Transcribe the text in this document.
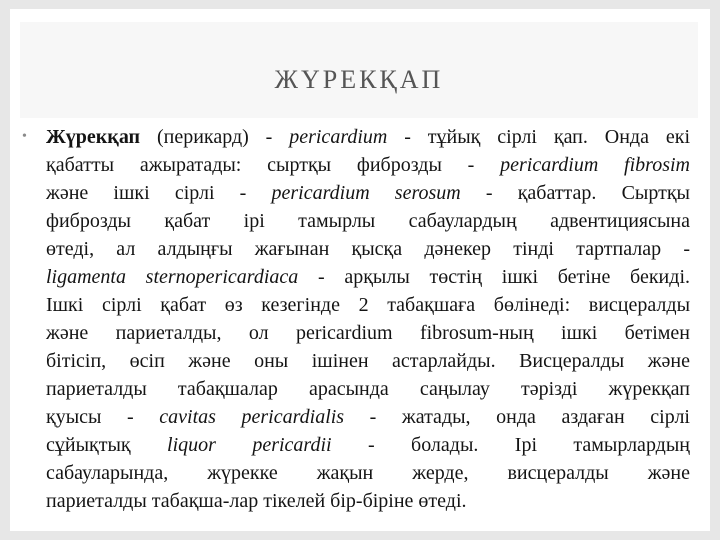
ЖҮРЕКҚАП
• Жүрекқап (перикард) - pericardium - тұйық сірлі қап. Онда екі
қабатты ажыратады: сыртқы фиброзды - pericardium fibrosim
және ішкі сірлі - pericardium serosum - қабаттар. Сыртқы
фиброзды қабат ірі тамырлы сабаулардың адвентициясына
өтеді, ал алдыңғы жағынан қысқа дәнекер тінді тартпалар -
ligamenta sternopericardiaca - арқылы төстің ішкі бетіне бекиді.
Ішкі сірлі қабат өз кезегінде 2 табақшаға бөлінеді: висцералды
және париеталды, ол pericardium fibrosum-ның ішкі бетімен
бітісіп, өсіп және оны ішінен астарлайды. Висцералды және
париеталды табақшалар арасында саңылау тәрізді жүрекқап
қуысы - cavitas pericardialis - жатады, онда аздаған сірлі
сұйықтық liquor pericardii - болады. Ірі тамырлардың
сабауларында, жүрекке жақын жерде, висцералды және
париеталды табақша-лар тікелей бір-біріне өтеді.
